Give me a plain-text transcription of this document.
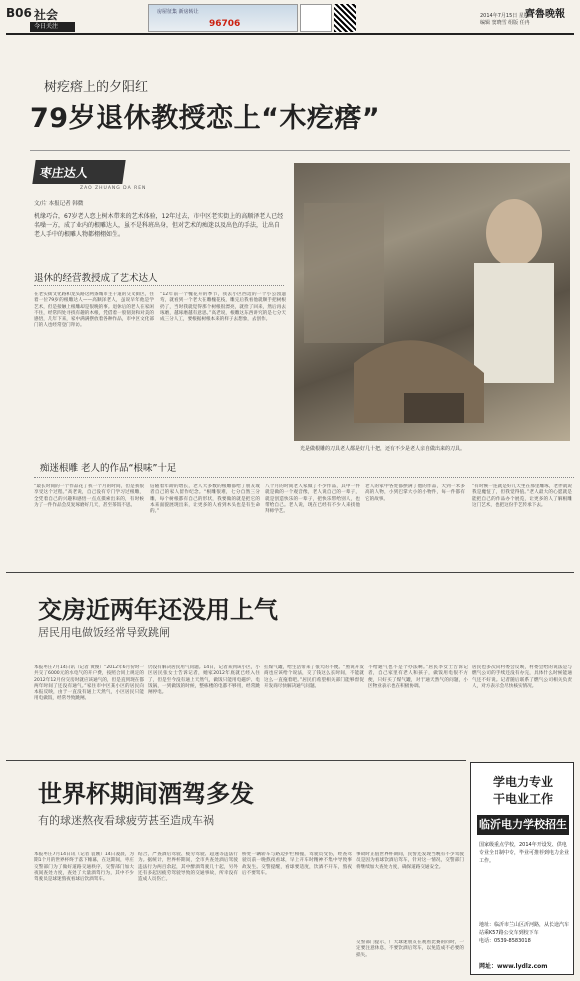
B06 社会
今日关注
房屋征集 新房转让
96706
2014年7月15日 星期二
编辑 窦晓雪 组版 任冉
齊魯晚報
树疙瘩上的夕阳红
79岁退休教授恋上“木疙瘩”
枣庄达人
ZAO ZHUANG DA REN
文/片 本报记者 韩微
机缘巧合，67岁老人恋上树木带来的艺术体验，12年过去，市中区老实街上的高顺泽老人已经名噪一方，成了业内的根雕达人，虽不是科班出身，但对艺术的痴迷以及出色的手法，让出自老人手中的根雕人物都栩栩如生。
退休的经营教授成了艺术达人
在老实街文化路和龙头路这两条城市主干道的交叉街区，住着一位79岁的根雕达人——高顺泽老人，虽说早年他是学艺术，但是接触上根雕却是很晚的事。退休后的老人在家闲不住，经常四处寻找有趣的木根，凭借着一股韧劲和对美的感悟，几年下来，家中满满摆放着各种作品，市中区文化部门的人也经常登门拜访。
“12年前一个槐花开的季节，我去小区西边的一个小公园遛弯，就看到一个老大在雕槐花枝，雕完后我看他就顺手把树根扔了，当时我就觉得那个树根很漂亮，就捡了回来，然后再去琢磨，越琢磨越有意思。”高老说，根雕这东西讲究的是七分天成三分人工，要根据树根本来的样子去想象，去创作。
光是做根雕的刀具老人都是好几十把，还有不少是老人亲自做出来的刀具。
痴迷根雕 老人的作品“根味”十足
“最长时间的一个作品花了我一个月的时间，但是我很享受这个过程。”高老说，自己没有专门学习过根雕，全凭着自己的兴趣和感悟一点点摸索出来的，有时候为了一件作品会反复琢磨好几天，甚至茶饭不思。
信随着年龄的增长，老人大多数的根雕都给了朋友或者自己的家人留作纪念。“根雕很难，七分自然三分雕，每个树根都有自己的形状，我要做的就是把它的本来面貌展现出来，让更多的人看到木头也是有生命的。”
八个月的时间老人家做了不少作品，其中一件就是做的一个观音像，老人说自己的一辈子，就是创造快乐的一辈子，把快乐带给别人，也带给自己。老人说，现在已经有不少人来找他拜师学艺。
老人的家中各处都摆满了他的作品，大到一米多高的人物，小到巴掌大小的小物件，每一件都有它的故事。
“有时候一连就是好几天坐在那里雕琢，老伴就说我是魔怔了，但我觉得值。”老人最大的心愿就是能把自己的作品办个展览，让更多的人了解根雕这门艺术，也把这份手艺传承下去。
交房近两年还没用上气
居民用电做饭经常导致跳闸
本报枣庄7月14日讯（记者 黄俊）“2012年6月份时一共交了6000元的水电气的开户费，按照合同上规定的2012年12月份交房时就应该通气的，但是直到现在都两年时间了还没有通气。”家住市中区某小区的居民向本报反映，由于一直没有通上天然气，小区居民只能用电做饭，经常导致跳闸。
仍没有解决居民用气问题。14日，记者来到该小区，小区居民张女士告诉记者，她家2012年底就已经入住了，但是至今没有通上天然气，做饭只能用电磁炉、电饭锅，一到做饭的时候，整栋楼的电都不够用，经常跳闸停电。
扛煤气罐，给生活带来了很大的不便。“照说开发商也应该给个说法，交了钱这么长时间，不能就这么一直拖着吧。”居民们希望相关部门能够督促开发商尽快解决通气问题。
不给通气也不是个办法啊。”居民李女士告诉记者，自己家里有老人和孩子，做饭用电很不方便，只好买了煤气罐，对于通天然气的问题，小区物业表示也在积极协调。
居民也多次向村委会反映，村委会给的说法是与燃气公司的手续还没有办完，具体什么时候能通气还不好说。记者随后联系了燃气公司相关负责人，对方表示会尽快核实情况。
世界杯期间酒驾多发
有的球迷熬夜看球疲劳甚至造成车祸
本报枣庄7月14日讯（记者 袁刚）14日凌晨，为期1个月的世界杯终于落下帷幕，在这期间，枣庄交警部门为了做好道路交通秩序，交警部门加大夜间查处力度，查处了大量酒驾行为，其中不少驾驶员是球迷熬夜看球后饮酒驾车。
结合，严查酒后驾驶、疲劳驾驶、超速等违法行为。据统计，世界杯期间，全市共查处酒后驾驶违法行为两百余起，其中醉酒驾驶几十起，另外还有多起因疲劳驾驶导致的交通事故，所幸没有造成人员伤亡。
桥处一辆轿车与路边护栏相撞，驾驶员受伤，经查驾驶员前一晚熬夜看球，早上开车时精神不集中导致事故发生。交警提醒，看球要适度，饮酒不开车，熬夜后不要驾车。
事故时正值世界杯期间，民警还发现当晚有不少驾驶员是因为看球饮酒后驾车，针对这一情况，交警部门将继续加大查处力度，确保道路交通安全。
交警部门提示，广大球迷朋友在观看比赛的同时，一定要注意休息，不要饮酒后驾车，以免造成不必要的损失。
学电力专业
干电业工作
临沂电力学校招生
国家级重点学校，2014年开设发、供电专业全日制中专，毕业可推荐到电力企业工作。
地址：临沂市兰山区沂河路，从长途汽车站乘K57路公交车到校下车
电话：0539-8583018
网址：www.lydlz.com
